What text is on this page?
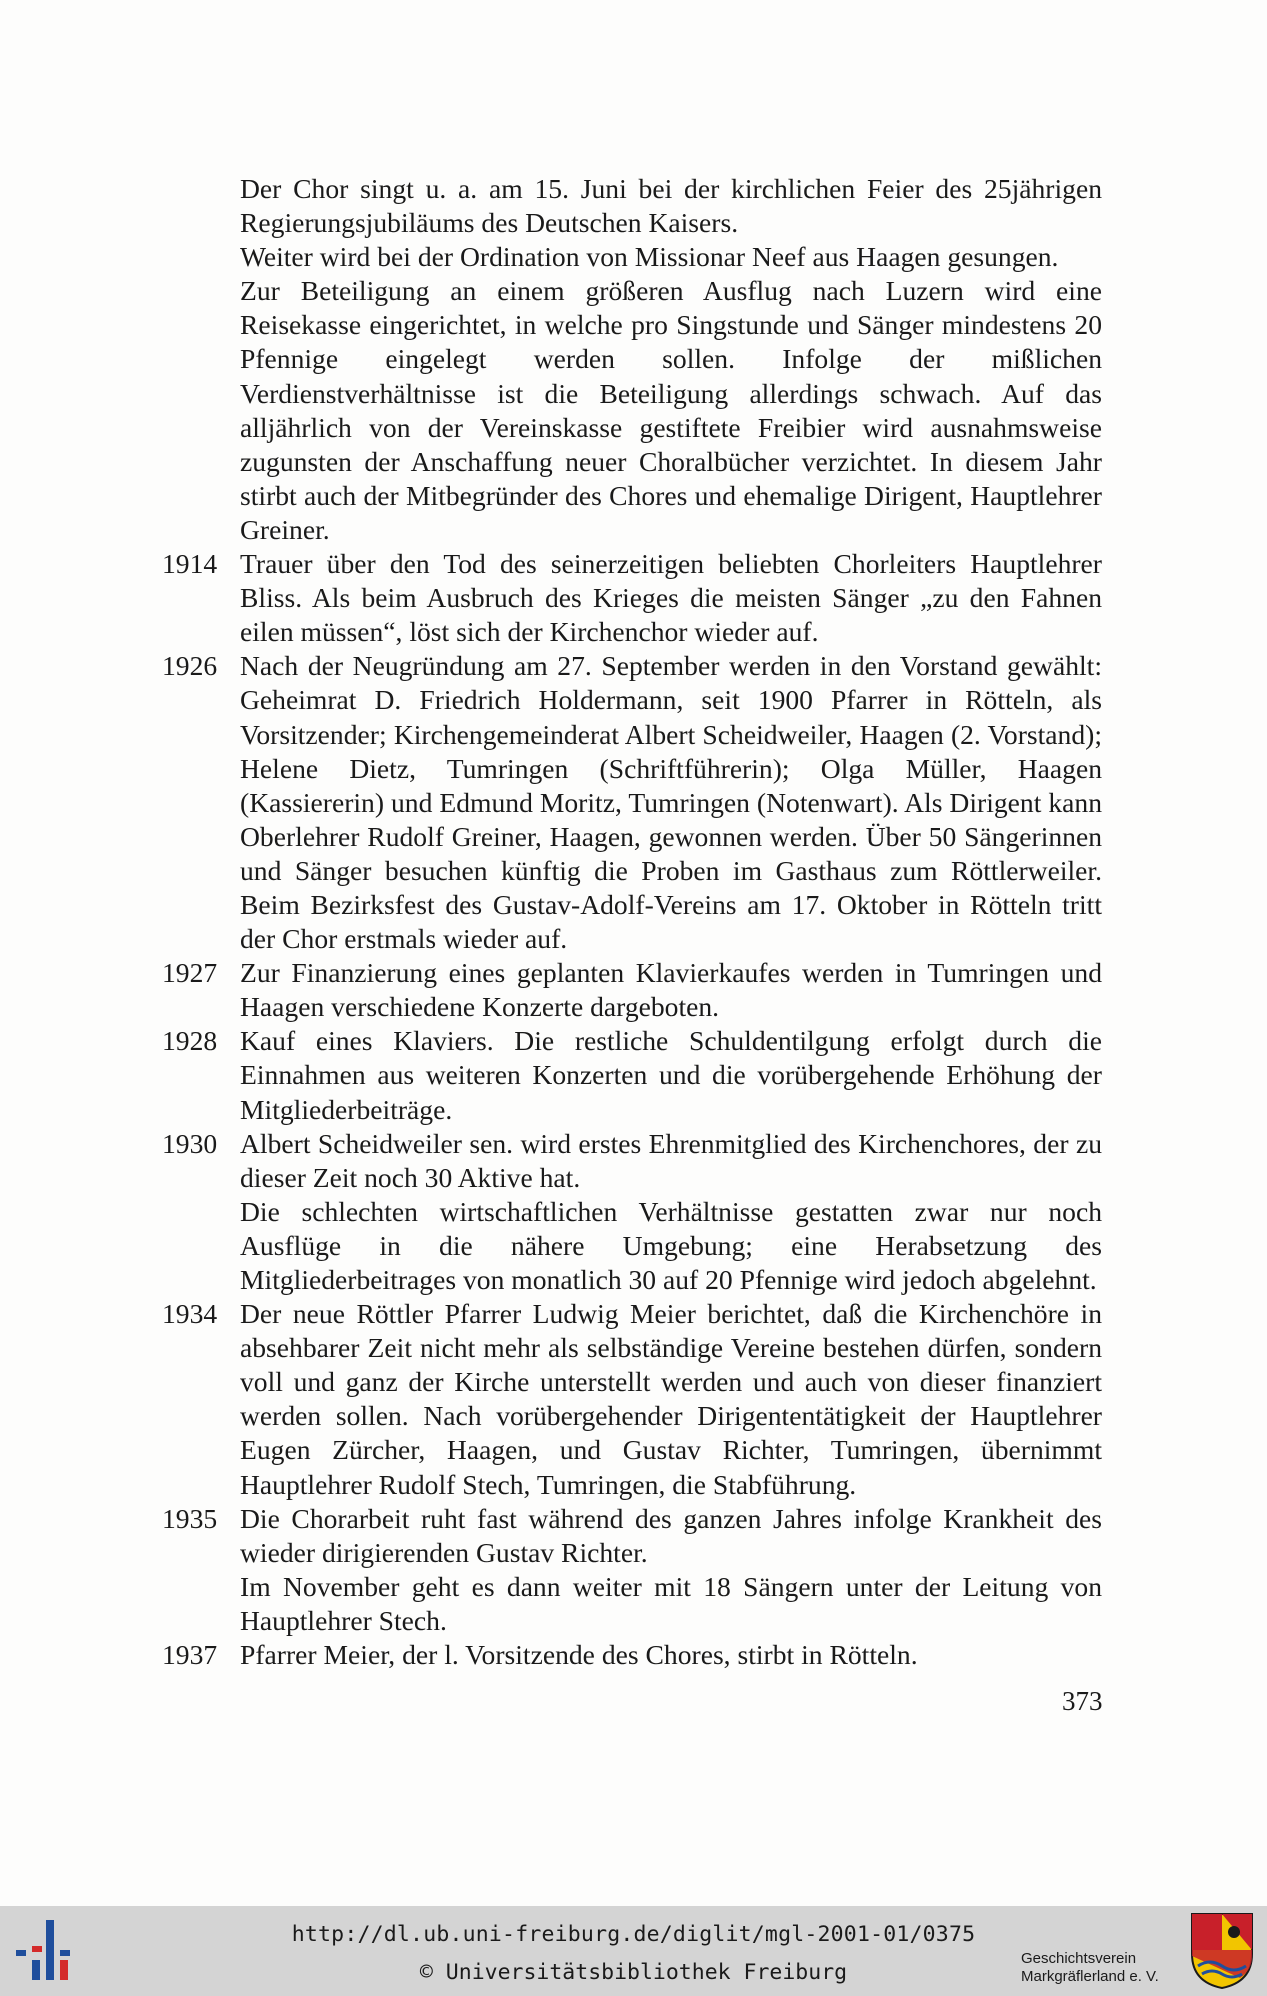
Der Chor singt u. a. am 15. Juni bei der kirchlichen Feier des 25jährigen Regierungsjubiläums des Deutschen Kaisers.
Weiter wird bei der Ordination von Missionar Neef aus Haagen gesungen.
Zur Beteiligung an einem größeren Ausflug nach Luzern wird eine Reisekasse eingerichtet, in welche pro Singstunde und Sänger mindestens 20 Pfennige eingelegt werden sollen. Infolge der mißlichen Verdienstverhältnisse ist die Beteiligung allerdings schwach. Auf das alljährlich von der Vereinskasse gestiftete Freibier wird ausnahmsweise zugunsten der Anschaffung neuer Choralbücher verzichtet. In diesem Jahr stirbt auch der Mitbegründer des Chores und ehemalige Dirigent, Hauptlehrer Greiner.
1914 Trauer über den Tod des seinerzeitigen beliebten Chorleiters Hauptlehrer Bliss. Als beim Ausbruch des Krieges die meisten Sänger „zu den Fahnen eilen müssen“, löst sich der Kirchenchor wieder auf.
1926 Nach der Neugründung am 27. September werden in den Vorstand gewählt: Geheimrat D. Friedrich Holdermann, seit 1900 Pfarrer in Rötteln, als Vorsitzender; Kirchengemeinderat Albert Scheidweiler, Haagen (2. Vorstand); Helene Dietz, Tumringen (Schriftführerin); Olga Müller, Haagen (Kassiererin) und Edmund Moritz, Tumringen (Notenwart). Als Dirigent kann Oberlehrer Rudolf Greiner, Haagen, gewonnen werden. Über 50 Sängerinnen und Sänger besuchen künftig die Proben im Gasthaus zum Röttlerweiler. Beim Bezirksfest des Gustav-Adolf-Vereins am 17. Oktober in Rötteln tritt der Chor erstmals wieder auf.
1927 Zur Finanzierung eines geplanten Klavierkaufes werden in Tumringen und Haagen verschiedene Konzerte dargeboten.
1928 Kauf eines Klaviers. Die restliche Schuldentilgung erfolgt durch die Einnahmen aus weiteren Konzerten und die vorübergehende Erhöhung der Mitgliederbeiträge.
1930 Albert Scheidweiler sen. wird erstes Ehrenmitglied des Kirchenchores, der zu dieser Zeit noch 30 Aktive hat.
Die schlechten wirtschaftlichen Verhältnisse gestatten zwar nur noch Ausflüge in die nähere Umgebung; eine Herabsetzung des Mitgliederbeitrages von monatlich 30 auf 20 Pfennige wird jedoch abgelehnt.
1934 Der neue Röttler Pfarrer Ludwig Meier berichtet, daß die Kirchenchöre in absehbarer Zeit nicht mehr als selbständige Vereine bestehen dürfen, sondern voll und ganz der Kirche unterstellt werden und auch von dieser finanziert werden sollen. Nach vorübergehender Dirigententätigkeit der Hauptlehrer Eugen Zürcher, Haagen, und Gustav Richter, Tumringen, übernimmt Hauptlehrer Rudolf Stech, Tumringen, die Stabführung.
1935 Die Chorarbeit ruht fast während des ganzen Jahres infolge Krankheit des wieder dirigierenden Gustav Richter.
Im November geht es dann weiter mit 18 Sängern unter der Leitung von Hauptlehrer Stech.
1937 Pfarrer Meier, der l. Vorsitzende des Chores, stirbt in Rötteln.
373
http://dl.ub.uni-freiburg.de/diglit/mgl-2001-01/0375
© Universitätsbibliothek Freiburg
Geschichtsverein
Markgräflerland e. V.
